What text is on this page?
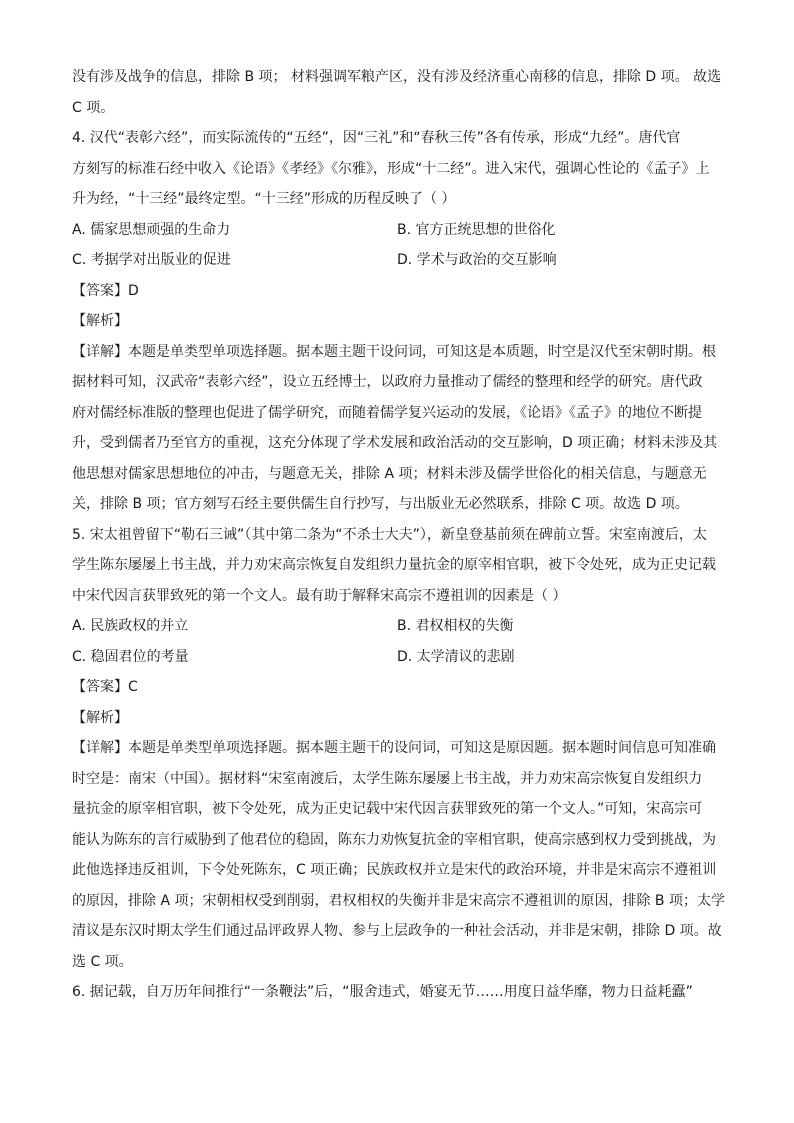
没有涉及战争的信息，排除 B 项； 材料强调军粮产区，没有涉及经济重心南移的信息，排除 D 项。 故选
C 项。
4. 汉代“表彰六经”，而实际流传的“五经”，因“三礼”和“春秋三传”各有传承，形成“九经”。唐代官
方刻写的标准石经中收入《论语》《孝经》《尔雅》，形成“十二经”。进入宋代，强调心性论的《孟子》上
升为经，“十三经”最终定型。“十三经”形成的历程反映了（ ）
A. 儒家思想顽强的生命力	B. 官方正统思想的世俗化
C. 考据学对出版业的促进	D. 学术与政治的交互影响
【答案】D
【解析】
【详解】本题是单类型单项选择题。据本题主题干设问词，可知这是本质题，时空是汉代至宋朝时期。根
据材料可知，汉武帝“表彰六经”，设立五经博士，以政府力量推动了儒经的整理和经学的研究。唐代政
府对儒经标准版的整理也促进了儒学研究，而随着儒学复兴运动的发展，《论语》《孟子》的地位不断提
升，受到儒者乃至官方的重视，这充分体现了学术发展和政治活动的交互影响，D 项正确；材料未涉及其
他思想对儒家思想地位的冲击，与题意无关，排除 A 项；材料未涉及儒学世俗化的相关信息，与题意无
关，排除 B 项；官方刻写石经主要供儒生自行抄写，与出版业无必然联系，排除 C 项。故选 D 项。
5. 宋太祖曾留下“勒石三诫”（其中第二条为“不杀士大夫”），新皇登基前须在碑前立誓。宋室南渡后，太
学生陈东屡屡上书主战，并力劝宋高宗恢复自发组织力量抗金的原宰相官职，被下令处死，成为正史记载
中宋代因言获罪致死的第一个文人。最有助于解释宋高宗不遵祖训的因素是（ ）
A. 民族政权的并立	B. 君权相权的失衡
C. 稳固君位的考量	D. 太学清议的悲剧
【答案】C
【解析】
【详解】本题是单类型单项选择题。据本题主题干的设问词，可知这是原因题。据本题时间信息可知准确
时空是：南宋（中国）。据材料“宋室南渡后，太学生陈东屡屡上书主战，并力劝宋高宗恢复自发组织力
量抗金的原宰相官职，被下令处死，成为正史记载中宋代因言获罪致死的第一个文人。”可知，宋高宗可
能认为陈东的言行威胁到了他君位的稳固，陈东力劝恢复抗金的宰相官职，使高宗感到权力受到挑战，为
此他选择违反祖训，下令处死陈东，C 项正确；民族政权并立是宋代的政治环境，并非是宋高宗不遵祖训
的原因，排除 A 项；宋朝相权受到削弱，君权相权的失衡并非是宋高宗不遵祖训的原因，排除 B 项；太学
清议是东汉时期太学生们通过品评政界人物、参与上层政争的一种社会活动，并非是宋朝，排除 D 项。故
选 C 项。
6. 据记载，自万历年间推行“一条鞭法”后，“服舍违式，婚宴无节……用度日益华靡，物力日益耗蠹”
